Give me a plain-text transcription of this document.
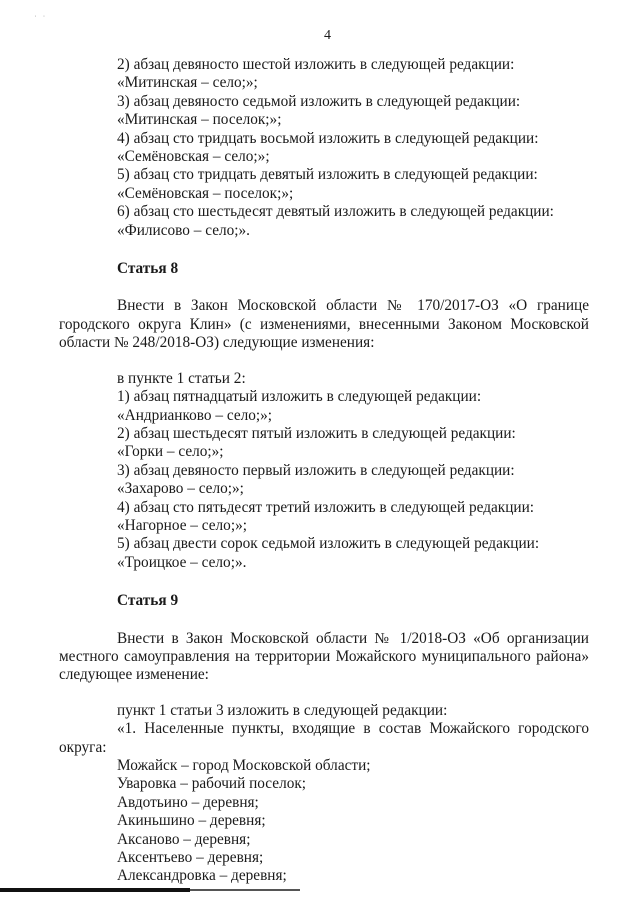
˙ ˙
4
2) абзац девяносто шестой изложить в следующей редакции:
«Митинская – село;»;
3) абзац девяносто седьмой изложить в следующей редакции:
«Митинская – поселок;»;
4) абзац сто тридцать восьмой изложить в следующей редакции:
«Семёновская – село;»;
5) абзац сто тридцать девятый изложить в следующей редакции:
«Семёновская – поселок;»;
6) абзац сто шестьдесят девятый изложить в следующей редакции:
«Филисово – село;».
Статья 8
Внести в Закон Московской области № 170/2017-ОЗ «О границе
городского округа Клин» (с изменениями, внесенными Законом Московской
области № 248/2018-ОЗ) следующие изменения:
в пункте 1 статьи 2:
1) абзац пятнадцатый изложить в следующей редакции:
«Андрианково – село;»;
2) абзац шестьдесят пятый изложить в следующей редакции:
«Горки – село;»;
3) абзац девяносто первый изложить в следующей редакции:
«Захарово – село;»;
4) абзац сто пятьдесят третий изложить в следующей редакции:
«Нагорное – село;»;
5) абзац двести сорок седьмой изложить в следующей редакции:
«Троицкое – село;».
Статья 9
Внести в Закон Московской области № 1/2018-ОЗ «Об организации
местного самоуправления на территории Можайского муниципального района»
следующее изменение:
пункт 1 статьи 3 изложить в следующей редакции:
«1. Населенные пункты, входящие в состав Можайского городского
округа:
Можайск – город Московской области;
Уваровка – рабочий поселок;
Авдотьино – деревня;
Акиньшино – деревня;
Аксаново – деревня;
Аксентьево – деревня;
Александровка – деревня;
